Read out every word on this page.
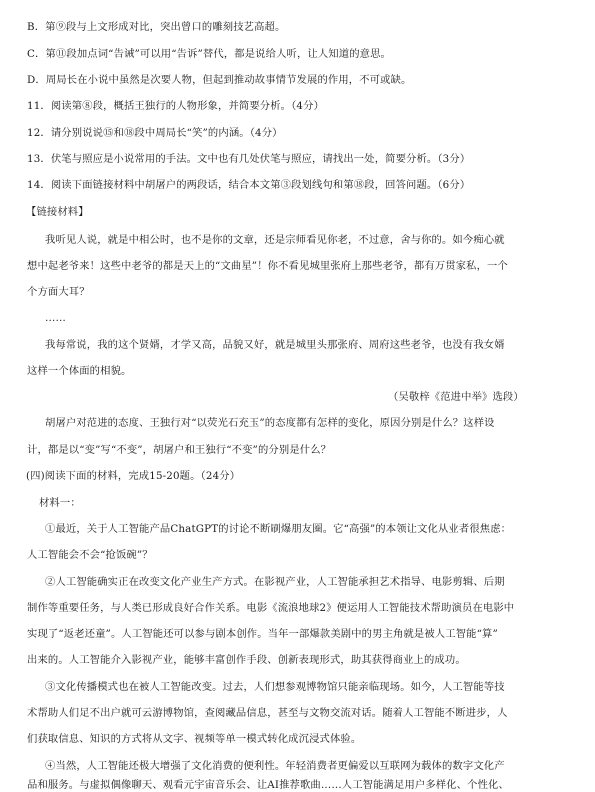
B．第⑨段与上文形成对比，突出曾口的雕刻技艺高超。
C．第⑪段加点词“告诫”可以用“告诉”替代，都是说给人听，让人知道的意思。
D．周局长在小说中虽然是次要人物，但起到推动故事情节发展的作用，不可或缺。
11．阅读第⑧段，概括王独行的人物形象，并简要分析。（4分）
12．请分别说说⑮和⑱段中周局长“笑”的内涵。（4分）
13．伏笔与照应是小说常用的手法。文中也有几处伏笔与照应，请找出一处，简要分析。（3分）
14．阅读下面链接材料中胡屠户的两段话，结合本文第③段划线句和第⑱段，回答问题。（6分）
【链接材料】
我听见人说，就是中相公时，也不是你的文章，还是宗师看见你老，不过意，舍与你的。如今痴心就
想中起老爷来！这些中老爷的都是天上的“文曲星”！你不看见城里张府上那些老爷，都有万贯家私，一个
个方面大耳？
……
我每常说，我的这个贤婿，才学又高，品貌又好，就是城里头那张府、周府这些老爷，也没有我女婿
这样一个体面的相貌。
（吴敬梓《范进中举》选段）
胡屠户对范进的态度、王独行对“以荧光石充玉”的态度都有怎样的变化，原因分别是什么？这样设
计，都是以“变”写“不变”，胡屠户和王独行“不变”的分别是什么？
(四)阅读下面的材料，完成15-20题。（24分）
材料一：
①最近，关于人工智能产品ChatGPT的讨论不断刷爆朋友圈。它“高强”的本领让文化从业者很焦虑：
人工智能会不会“抢饭碗”？
②人工智能确实正在改变文化产业生产方式。在影视产业，人工智能承担艺术指导、电影剪辑、后期
制作等重要任务，与人类已形成良好合作关系。电影《流浪地球2》便运用人工智能技术帮助演员在电影中
实现了“返老还童”。人工智能还可以参与剧本创作。当年一部爆款美剧中的男主角就是被人工智能“算”
出来的。人工智能介入影视产业，能够丰富创作手段、创新表现形式，助其获得商业上的成功。
③文化传播模式也在被人工智能改变。过去，人们想参观博物馆只能亲临现场。如今，人工智能等技
术帮助人们足不出户就可云游博物馆，查阅藏品信息，甚至与文物交流对话。随着人工智能不断进步，人
们获取信息、知识的方式将从文字、视频等单一模式转化成沉浸式体验。
④当然，人工智能还极大增强了文化消费的便利性。年轻消费者更偏爱以互联网为载体的数字文化产
品和服务。与虚拟偶像聊天、观看元宇宙音乐会、让AI推荐歌曲……人工智能满足用户多样化、个性化、
